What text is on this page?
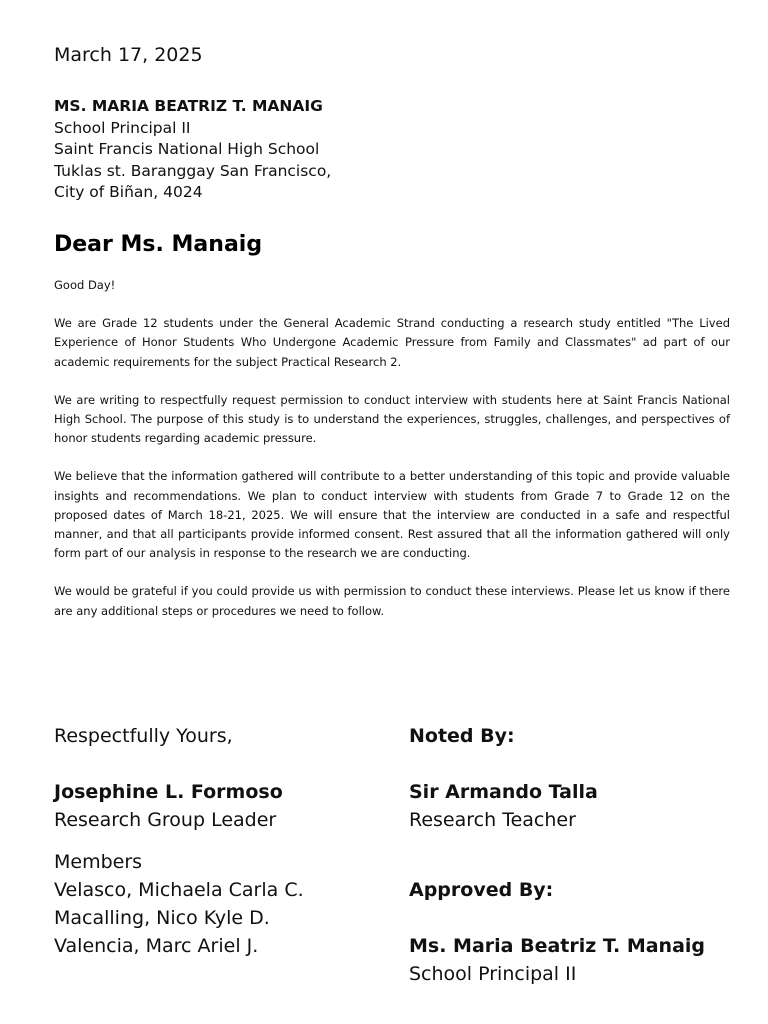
March 17, 2025
MS. MARIA BEATRIZ T. MANAIG
School Principal II
Saint Francis National High School
Tuklas st. Baranggay San Francisco,
City of Biñan, 4024
Dear Ms. Manaig

Good Day!

We are Grade 12 students under the General Academic Strand conducting a research study entitled "The Lived Experience of Honor Students Who Undergone Academic Pressure from Family and Classmates" ad part of our academic requirements for the subject Practical Research 2.

We are writing to respectfully request permission to conduct interview with students here at Saint Francis National High School. The purpose of this study is to understand the experiences, struggles, challenges, and perspectives of honor students regarding academic pressure.

We believe that the information gathered will contribute to a better understanding of this topic and provide valuable insights and recommendations. We plan to conduct interview with students from Grade 7 to Grade 12 on the proposed dates of March 18-21, 2025. We will ensure that the interview are conducted in a safe and respectful manner, and that all participants provide informed consent. Rest assured that all the information gathered will only form part of our analysis in response to the research we are conducting.

We would be grateful if you could provide us with permission to conduct these interviews. Please let us know if there are any additional steps or procedures we need to follow.

Respectfully Yours,
Josephine L. Formoso
Research Group Leader
Members
Velasco, Michaela Carla C.
Macalling, Nico Kyle D.
Valencia, Marc Ariel J.
Noted By:
Sir Armando Talla
Research Teacher
Approved By:
Ms. Maria Beatriz T. Manaig
School Principal II
